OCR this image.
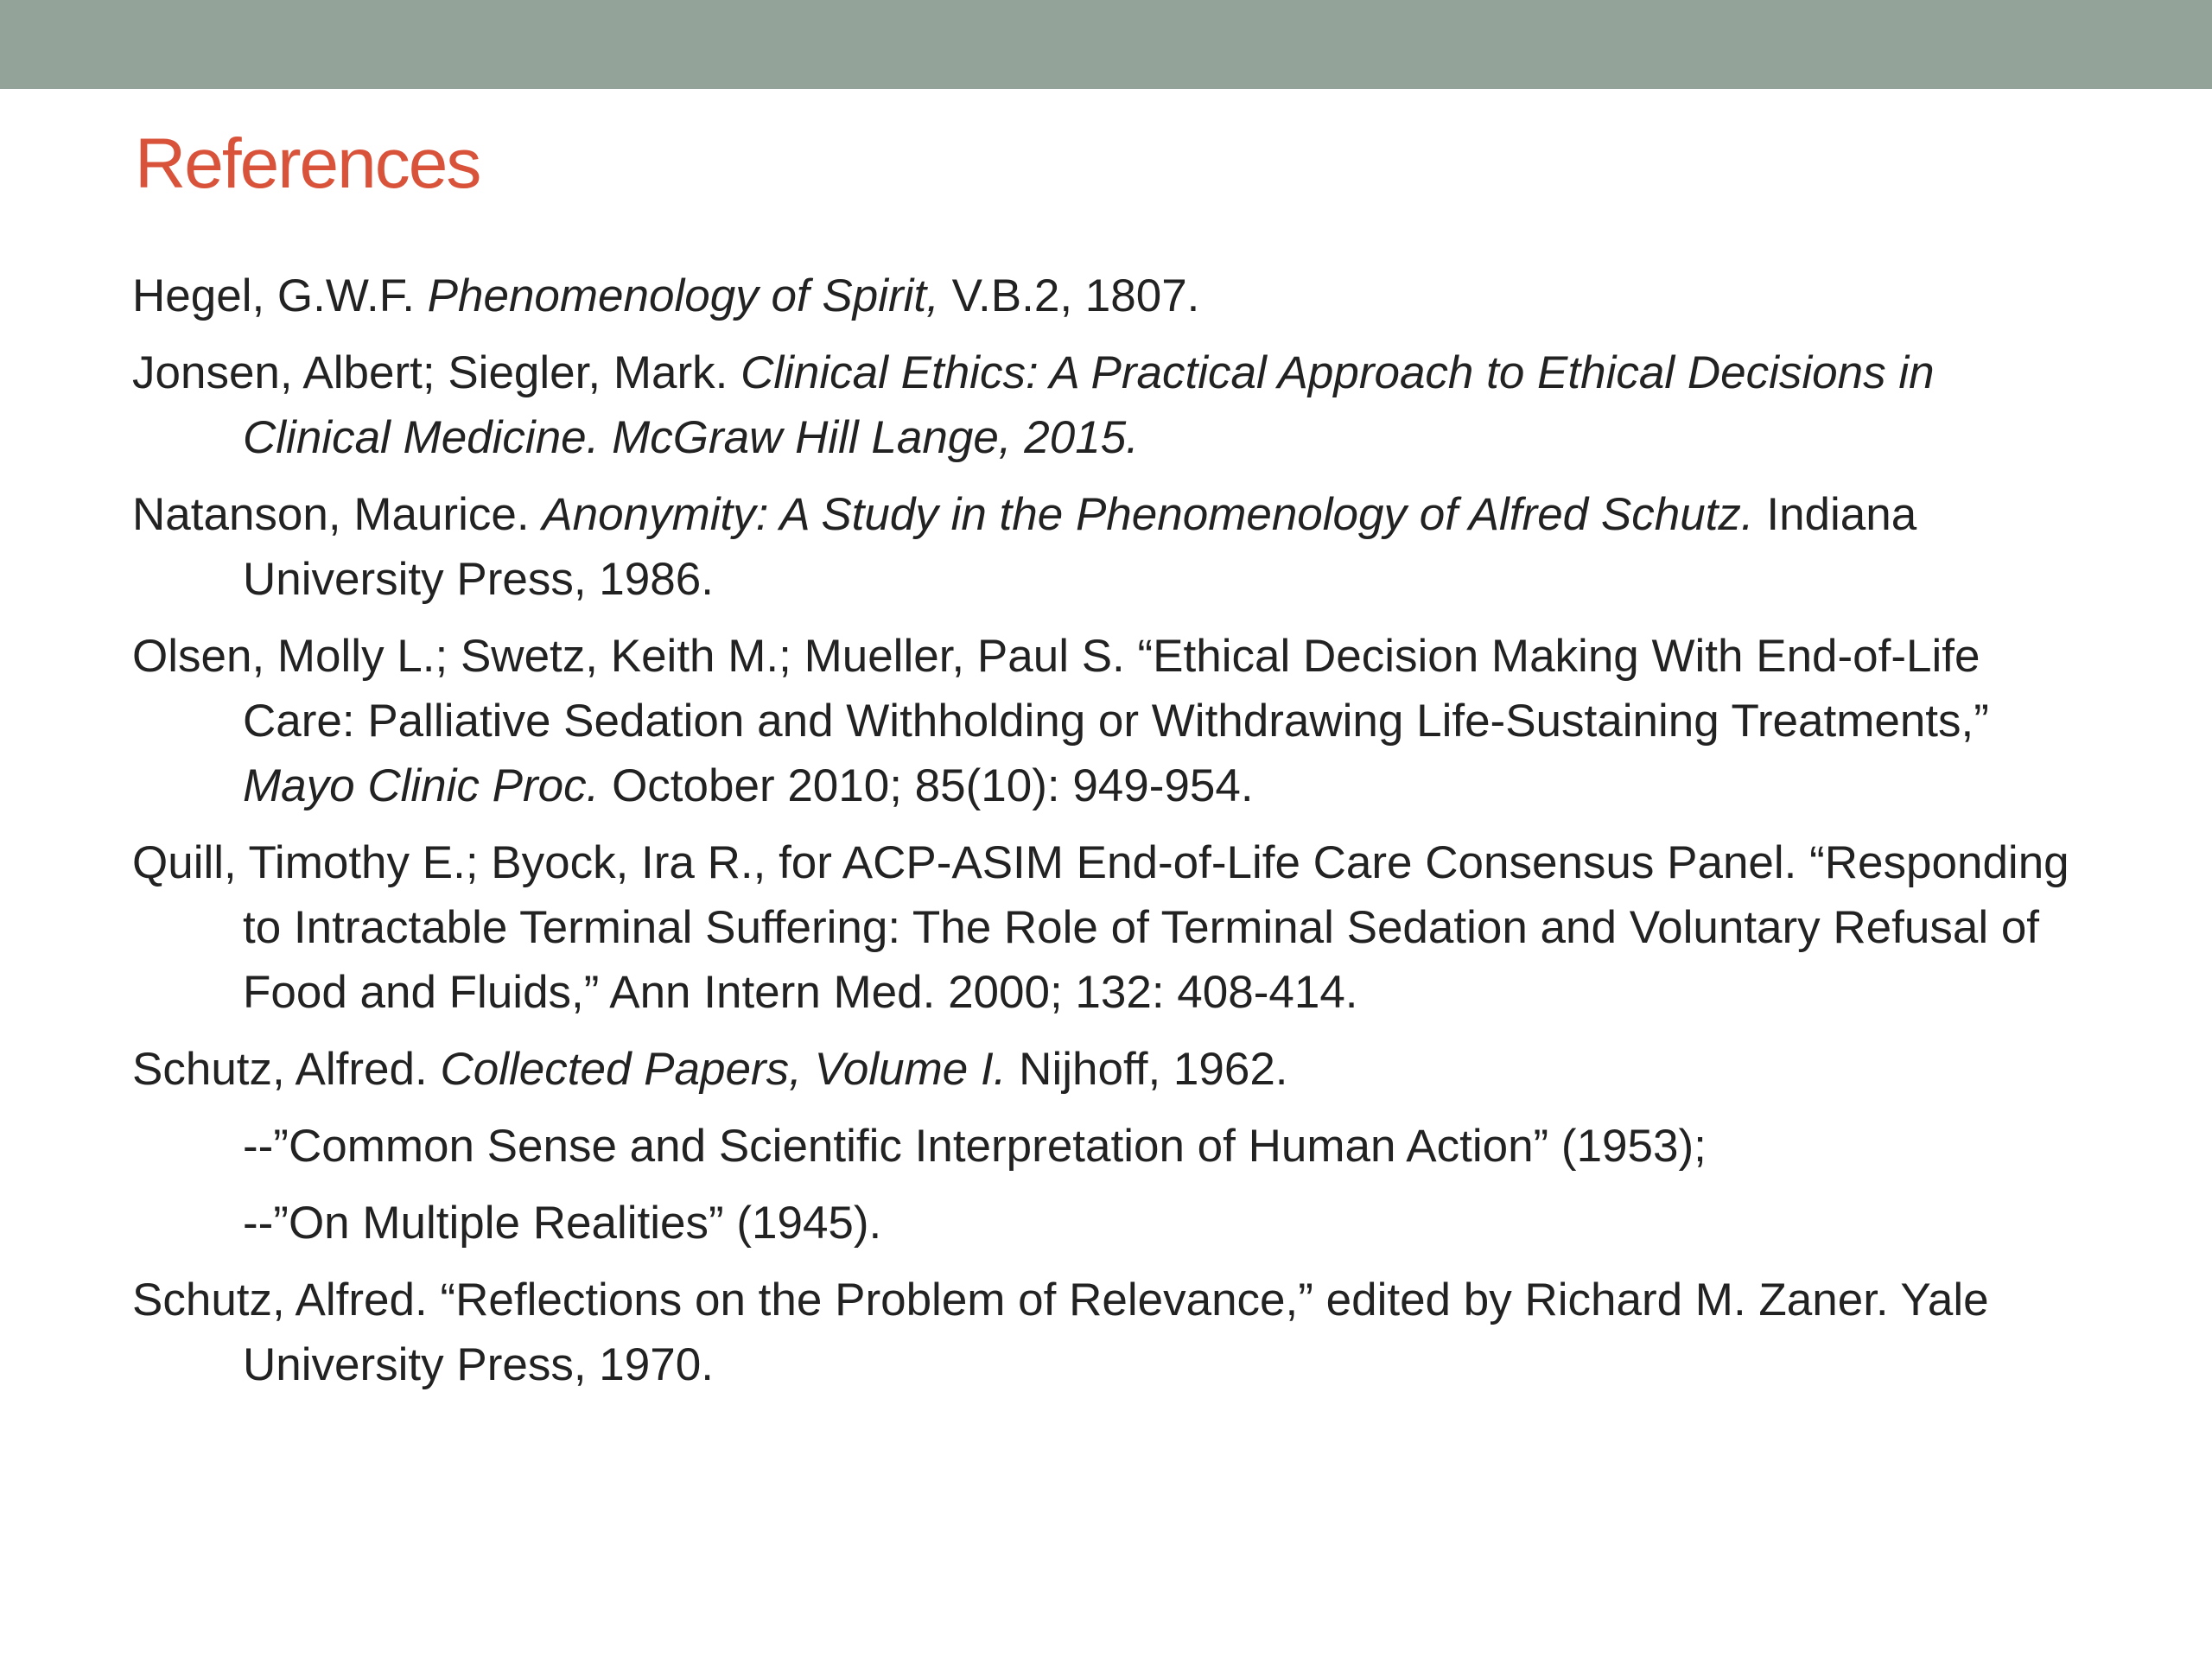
References
Hegel, G.W.F. Phenomenology of Spirit, V.B.2, 1807.
Jonsen, Albert; Siegler, Mark. Clinical Ethics: A Practical Approach to Ethical Decisions in Clinical Medicine. McGraw Hill Lange, 2015.
Natanson, Maurice. Anonymity: A Study in the Phenomenology of Alfred Schutz. Indiana University Press, 1986.
Olsen, Molly L.; Swetz, Keith M.; Mueller, Paul S. “Ethical Decision Making With End-of-Life Care: Palliative Sedation and Withholding or Withdrawing Life-Sustaining Treatments,” Mayo Clinic Proc. October 2010; 85(10): 949-954.
Quill, Timothy E.; Byock, Ira R., for ACP-ASIM End-of-Life Care Consensus Panel. “Responding to Intractable Terminal Suffering: The Role of Terminal Sedation and Voluntary Refusal of Food and Fluids,” Ann Intern Med. 2000; 132: 408-414.
Schutz, Alfred. Collected Papers, Volume I. Nijhoff, 1962.
--”Common Sense and Scientific Interpretation of Human Action” (1953);
--”On Multiple Realities” (1945).
Schutz, Alfred. “Reflections on the Problem of Relevance,” edited by Richard M. Zaner. Yale University Press, 1970.
